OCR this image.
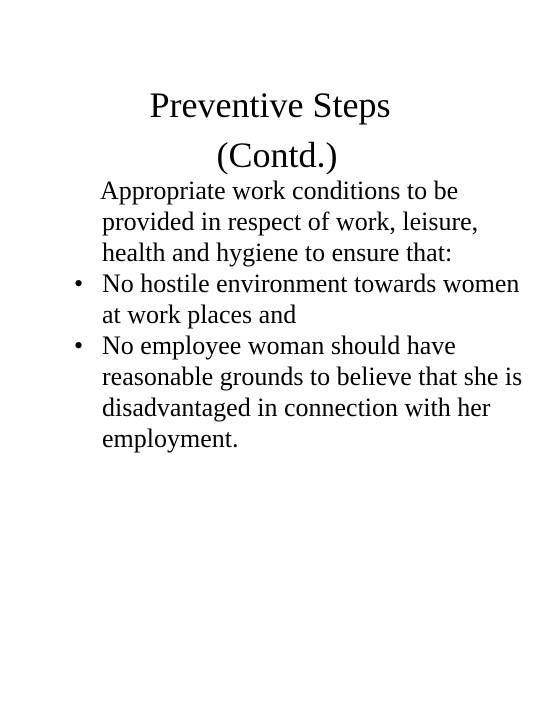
Preventive Steps
(Contd.)

Appropriate work conditions to be provided in respect of work, leisure, health and hygiene to ensure that:

• No hostile environment towards women at work places and
• No employee woman should have reasonable grounds to believe that she is disadvantaged in connection with her employment.
